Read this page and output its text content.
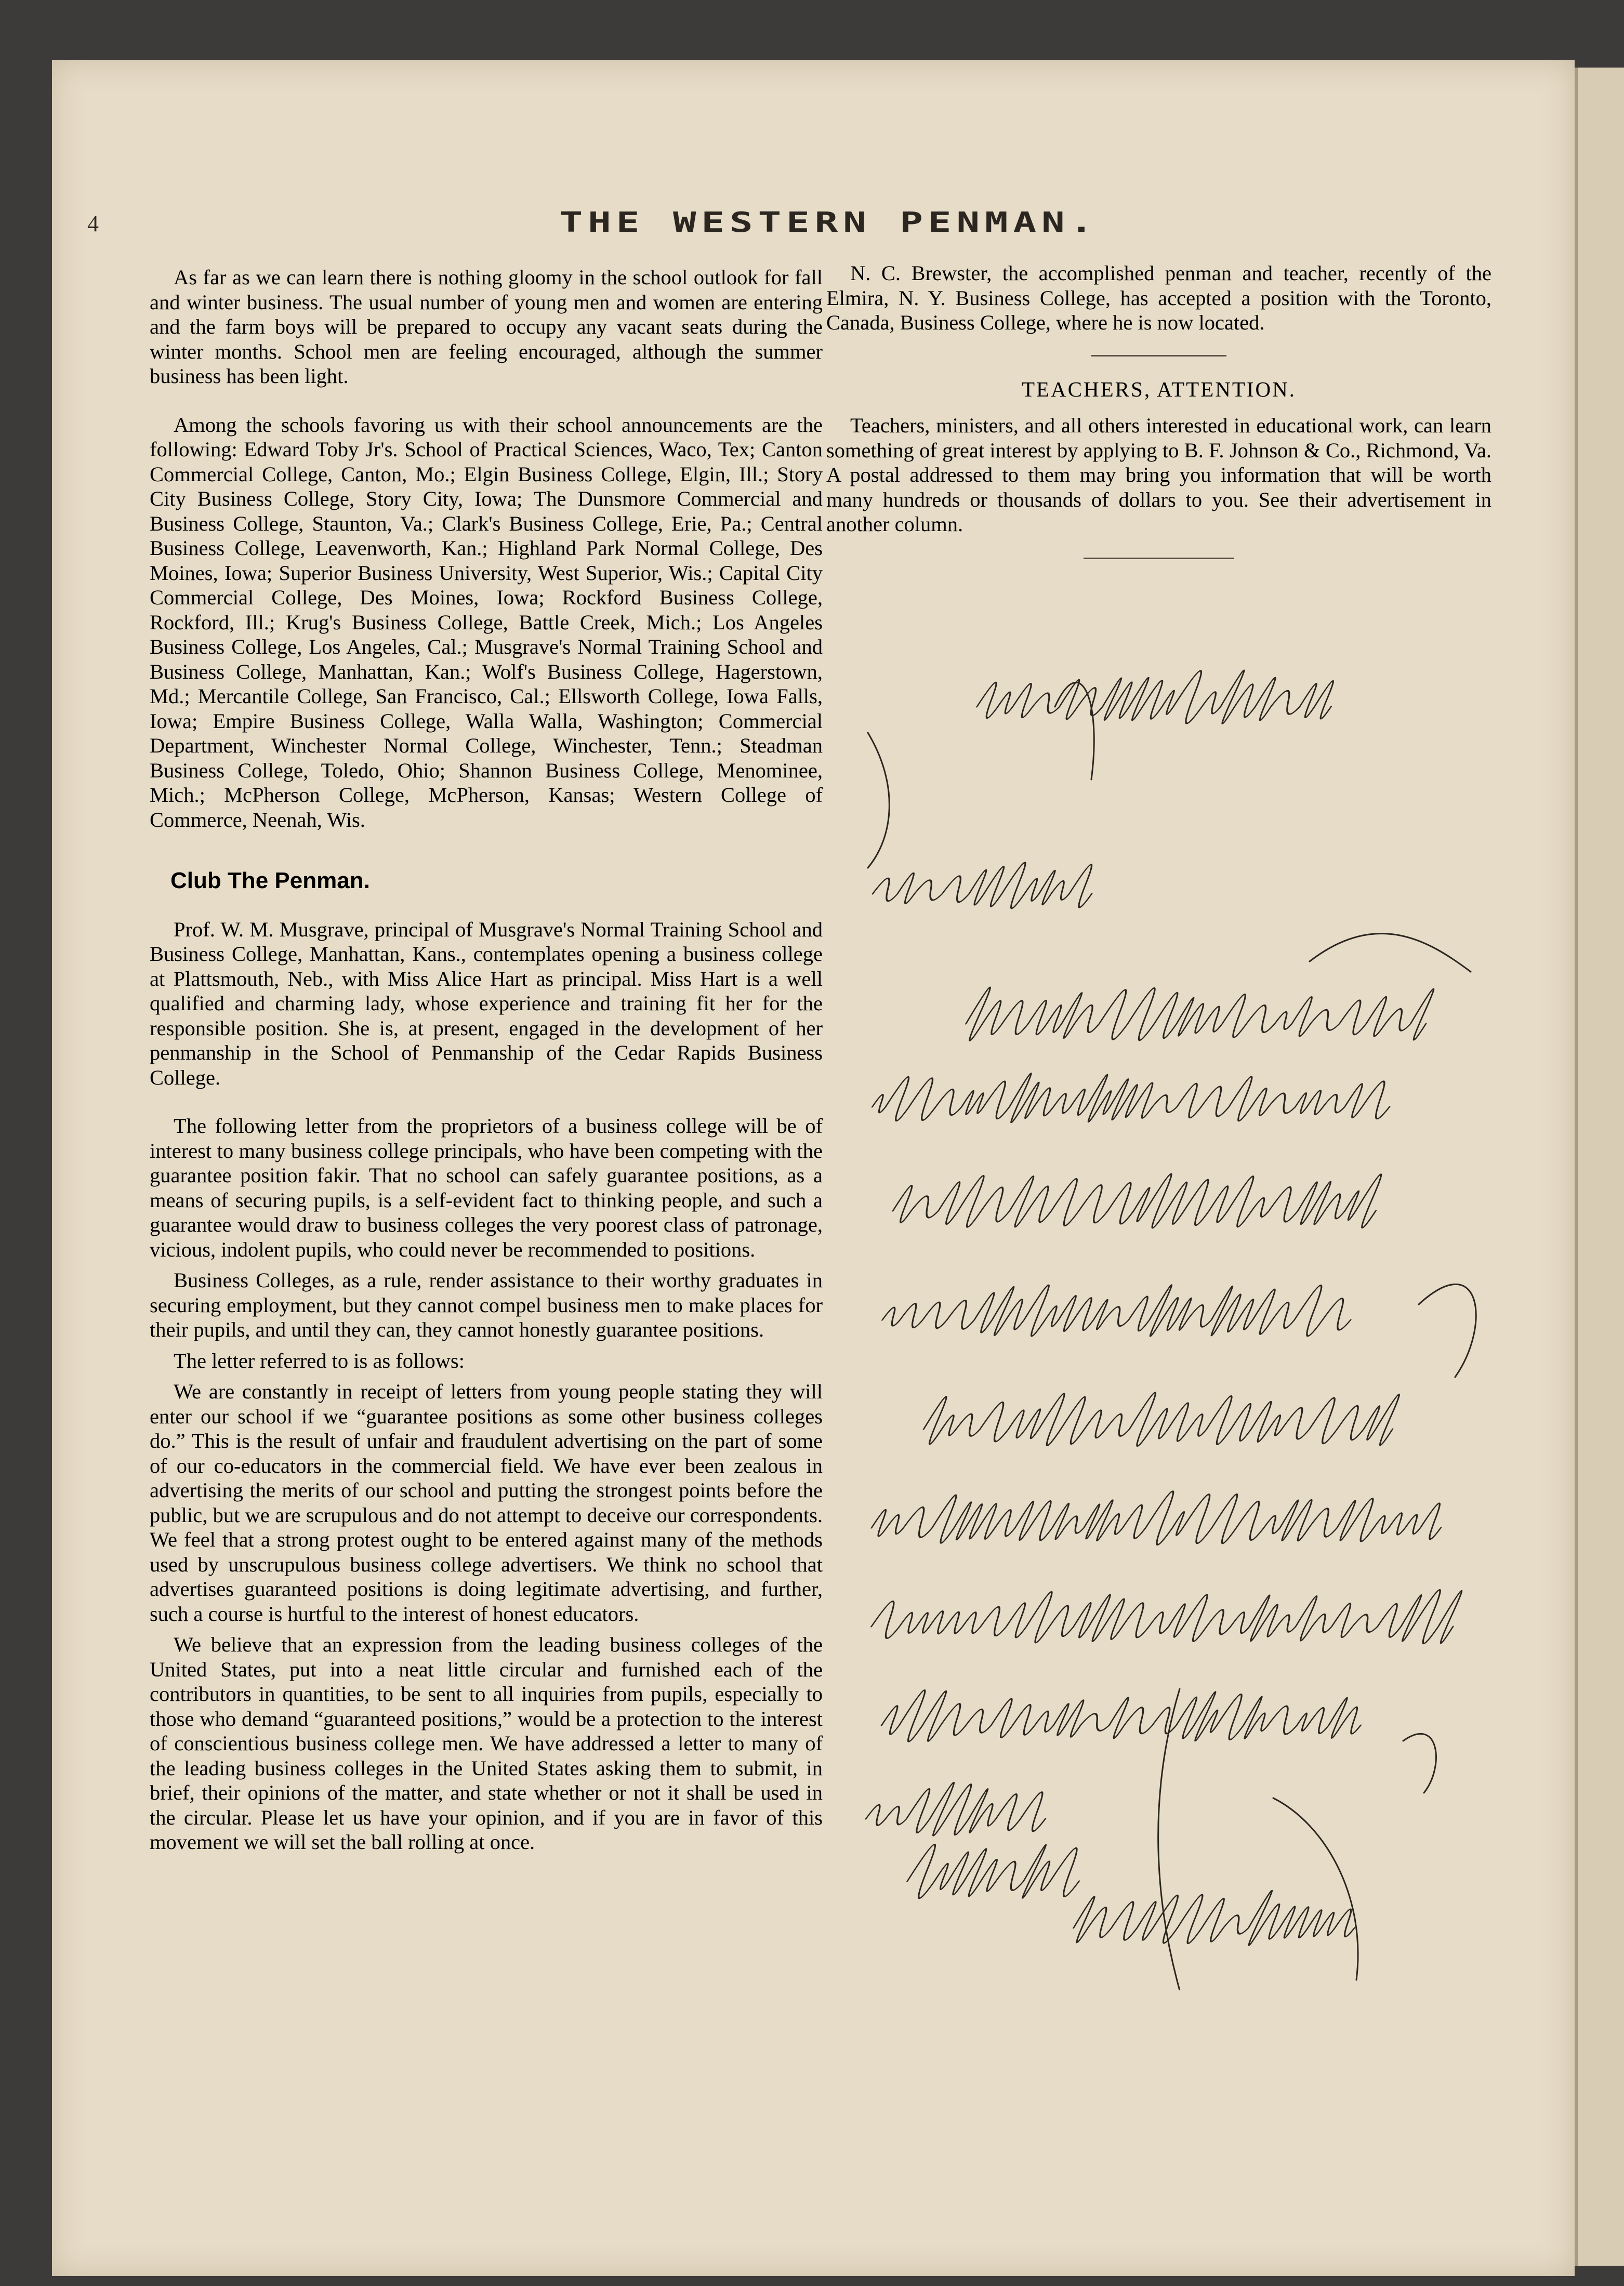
4	THE WESTERN PENMAN.

As far as we can learn there is nothing gloomy in the school outlook for fall and winter business. The usual number of young men and women are entering and the farm boys will be prepared to occupy any vacant seats during the winter months. School men are feeling encouraged, although the summer business has been light.

Among the schools favoring us with their school announcements are the following: Edward Toby Jr's. School of Practical Sciences, Waco, Tex; Canton Commercial College, Canton, Mo.; Elgin Business College, Elgin, Ill.; Story City Business College, Story City, Iowa; The Dunsmore Commercial and Business College, Staunton, Va.; Clark's Business College, Erie, Pa.; Central Business College, Leavenworth, Kan.; Highland Park Normal College, Des Moines, Iowa; Superior Business University, West Superior, Wis.; Capital City Commercial College, Des Moines, Iowa; Rockford Business College, Rockford, Ill.; Krug's Business College, Battle Creek, Mich.; Los Angeles Business College, Los Angeles, Cal.; Musgrave's Normal Training School and Business College, Manhattan, Kan.; Wolf's Business College, Hagerstown, Md.; Mercantile College, San Francisco, Cal.; Ellsworth College, Iowa Falls, Iowa; Empire Business College, Walla Walla, Washington; Commercial Department, Winchester Normal College, Winchester, Tenn.; Steadman Business College, Toledo, Ohio; Shannon Business College, Menominee, Mich.; McPherson College, McPherson, Kansas; Western College of Commerce, Neenah, Wis.

Club The Penman.

Prof. W. M. Musgrave, principal of Musgrave's Normal Training School and Business College, Manhattan, Kans., contemplates opening a business college at Plattsmouth, Neb., with Miss Alice Hart as principal. Miss Hart is a well qualified and charming lady, whose experience and training fit her for the responsible position. She is, at present, engaged in the development of her penmanship in the School of Penmanship of the Cedar Rapids Business College.

The following letter from the proprietors of a business college will be of interest to many business college principals, who have been competing with the guarantee position fakir. That no school can safely guarantee positions, as a means of securing pupils, is a self-evident fact to thinking people, and such a guarantee would draw to business colleges the very poorest class of patronage, vicious, indolent pupils, who could never be recommended to positions.

Business Colleges, as a rule, render assistance to their worthy graduates in securing employment, but they cannot compel business men to make places for their pupils, and until they can, they cannot honestly guarantee positions.

The letter referred to is as follows:

We are constantly in receipt of letters from young people stating they will enter our school if we “guarantee positions as some other business colleges do.” This is the result of unfair and fraudulent advertising on the part of some of our co-educators in the commercial field. We have ever been zealous in advertising the merits of our school and putting the strongest points before the public, but we are scrupulous and do not attempt to deceive our correspondents. We feel that a strong protest ought to be entered against many of the methods used by unscrupulous business college advertisers. We think no school that advertises guaranteed positions is doing legitimate advertising, and further, such a course is hurtful to the interest of honest educators.

We believe that an expression from the leading business colleges of the United States, put into a neat little circular and furnished each of the contributors in quantities, to be sent to all inquiries from pupils, especially to those who demand “guaranteed positions,” would be a protection to the interest of conscientious business college men. We have addressed a letter to many of the leading business colleges in the United States asking them to submit, in brief, their opinions of the matter, and state whether or not it shall be used in the circular. Please let us have your opinion, and if you are in favor of this movement we will set the ball rolling at once.

N. C. Brewster, the accomplished penman and teacher, recently of the Elmira, N. Y. Business College, has accepted a position with the Toronto, Canada, Business College, where he is now located.

TEACHERS, ATTENTION.

Teachers, ministers, and all others interested in educational work, can learn something of great interest by applying to B. F. Johnson & Co., Richmond, Va. A postal addressed to them may bring you information that will be worth many hundreds or thousands of dollars to you. See their advertisement in another column.
